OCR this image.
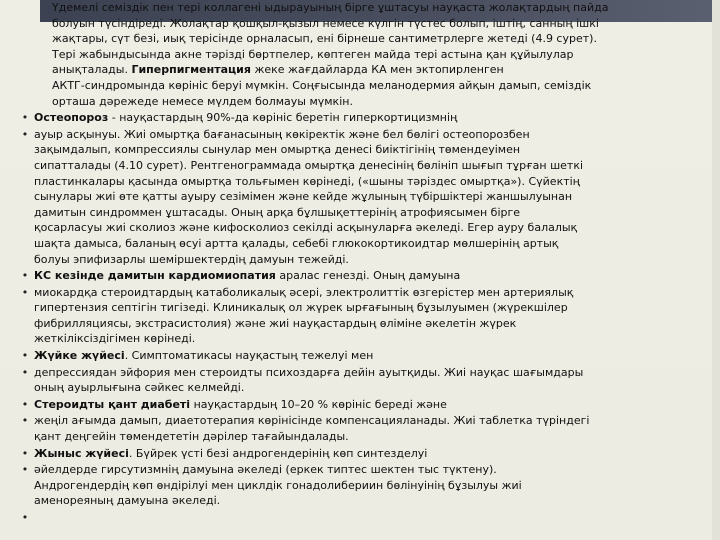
Үдемелі семіздік пен тері коллагені ыдырауының бірге ұштасуы науқаста жолақтардың пайда
болуын түсіндіреді. Жолақтар қошқыл-қызыл немесе күлгін түстес болып, іштің, санның ішкі
жақтары, сүт безі, иық терісінде орналасып, ені бірнеше сантиметрлерге жетеді (4.9 сурет).
Тері жабындысында акне тәрізді бөртпелер, көптеген майда тері астына қан құйылулар
анықталады. Гиперпигментация жеке жағдайларда КА мен эктопирленген
АКТГ-синдромында көрініс беруі мүмкін. Соңғысында меланодермия айқын дамып, семіздік
орташа дәрежеде немесе мүлдем болмауы мүмкін.
• Остеопороз - науқастардың 90%-да көрініс беретін гиперкортицизмнің
• ауыр асқынуы. Жиі омыртқа бағанасының көкіректік және бел бөлігі остеопорозбен
зақымдалып, компрессиялы сынулар мен омыртқа денесі биіктігінің төмендеуімен
сипатталады (4.10 сурет). Рентгенограммада омыртқа денесінің бөлініп шығып тұрған шеткі
пластинкалары қасында омыртқа тольғымен көрінеді, («шыны тәріздес омыртқа»). Сүйектің
сынулары жиі өте қатты ауыру сезімімен және кейде жұлының түбіршіктері жаншылуынан
дамитын синдроммен ұштасады. Оның арқа бұлшықеттерінің атрофиясымен бірге
қосарласуы жиі сколиоз және кифосколиоз секілді асқынуларға әкеледі. Егер ауру балалық
шақта дамыса, баланың өсуі артта қалады, себебі глюкокортикоидтар мөлшерінің артық
болуы эпифизарлы шеміршектердің дамуын тежейді.
• КС кезінде дамитын кардиомиопатия аралас генезді. Оның дамуына
• миокардқа стероидтардың катаболикалық әсері, электролиттік өзгерістер мен артериялық
гипертензия септігін тигізеді. Клиникалық ол жүрек ырғағының бұзылуымен (жүрекшілер
фибрилляциясы, экстрасистолия) және жиі науқастардың өліміне әкелетін жүрек
жеткіліксіздігімен көрінеді.
• Жүйке жүйесі. Симптоматикасы науқастың тежелуі мен
• депрессиядан эйфория мен стероидты психоздарға дейін ауытқиды. Жиі науқас шағымдары
оның ауырлығына сәйкес келмейді.
• Стероидты қант диабеті науқастардың 10–20 % көрініс береді және
• жеңіл ағымда дамып, диаетотерапия көрінісінде компенсацияланады. Жиі таблетка түріндегі
қант деңгейін төмендететін дәрілер тағайындалады.
• Жыныс жүйесі. Бүйрек үсті безі андрогендерінің көп синтезделуі
• әйелдерде гирсутизмнің дамуына әкеледі (еркек типтес шектен тыс түктену).
Андрогендердің көп өндірілуі мен циклдік гонадолибериин бөлінуінің бұзылуы жиі
аменореяның дамуына әкеледі.
•
